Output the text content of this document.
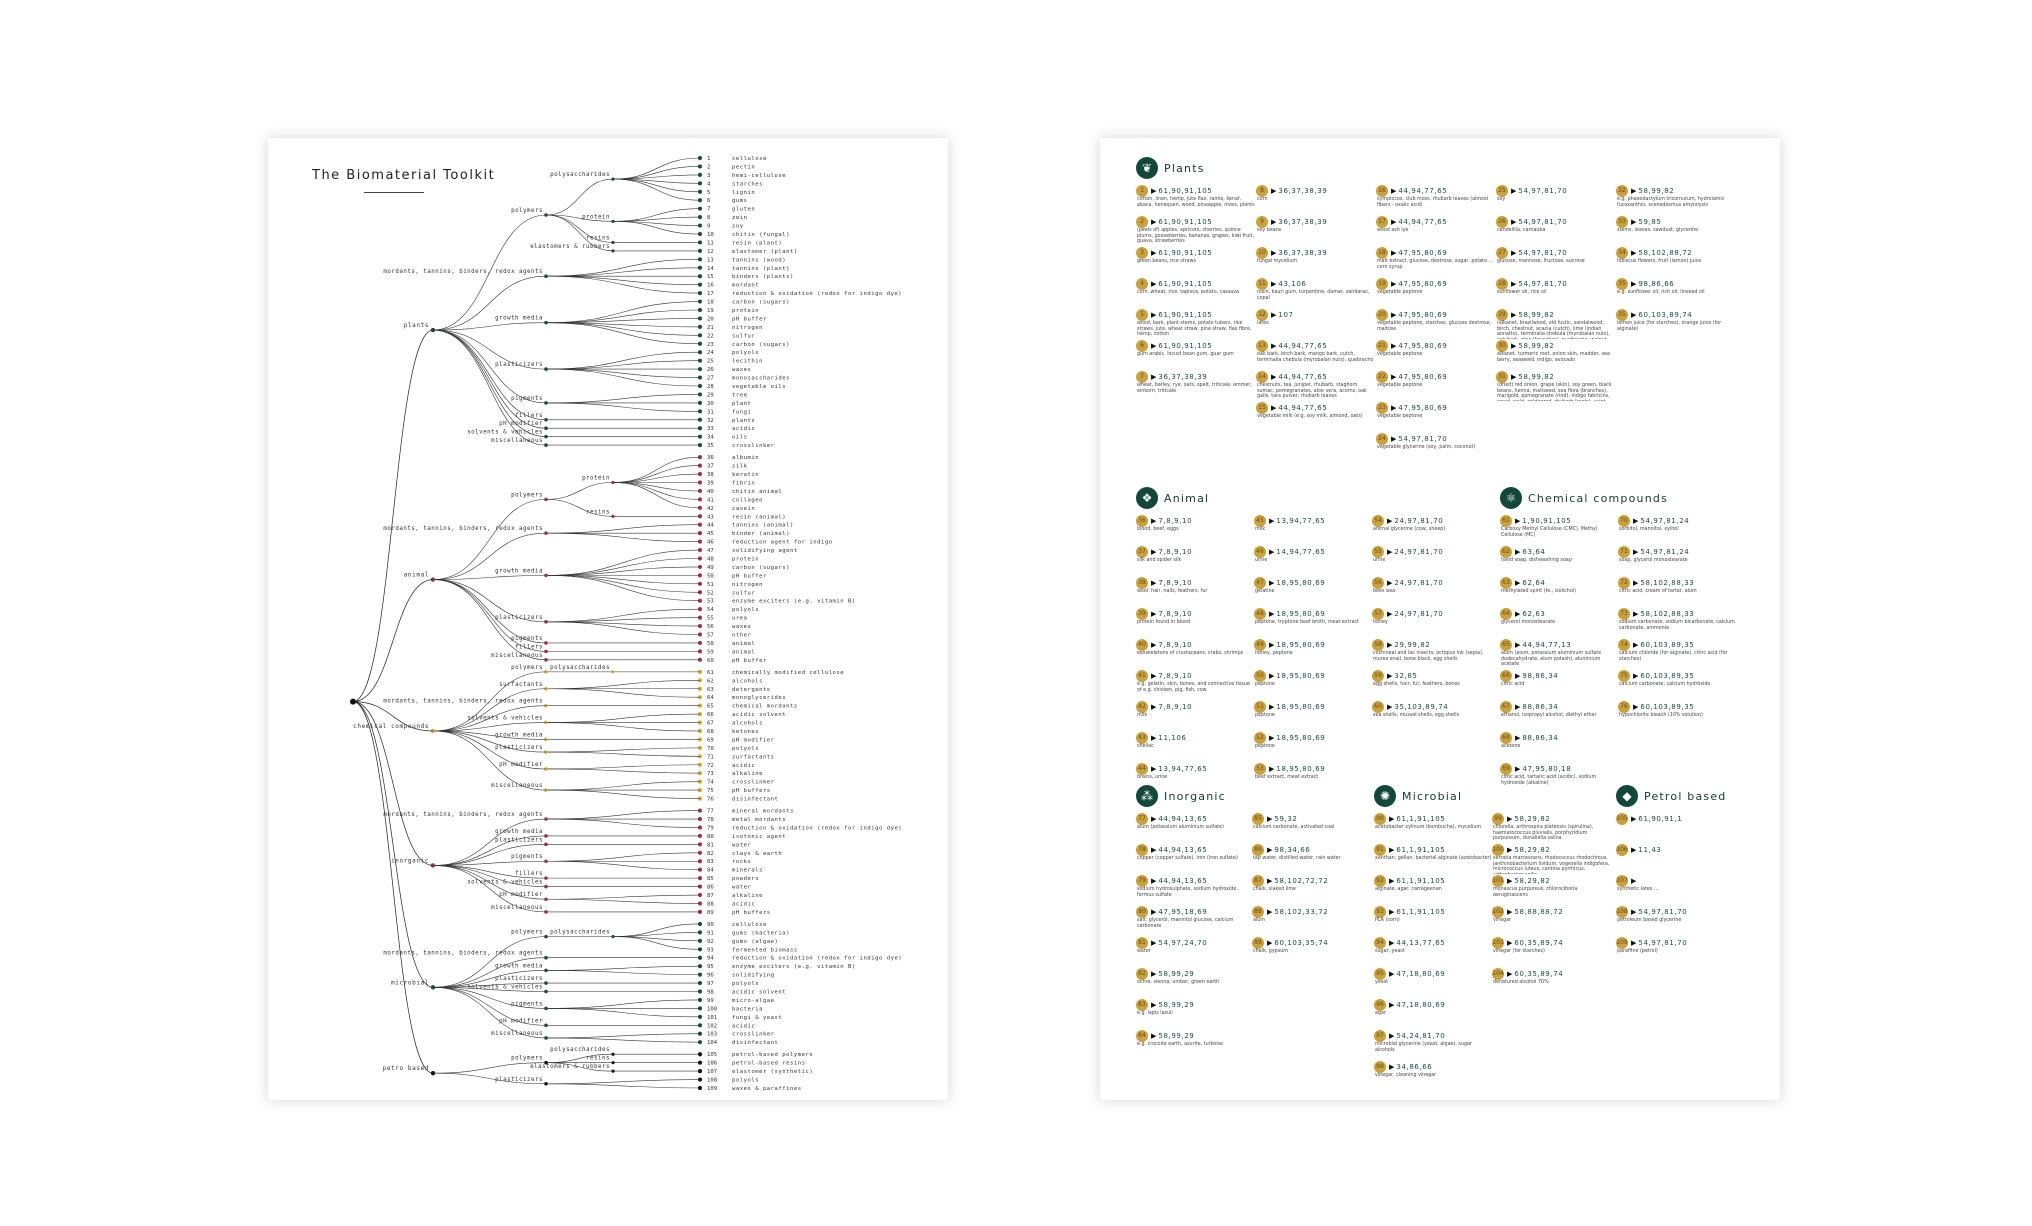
The Biomaterial Toolkit
1	cellulose
2	pectin
3	hemi-cellulose
4	starches
5	lignin
6	gums
polysaccharides
7	gluten
8	zein
9	soy
10	chitin (fungal)
protein
11	resin (plant)
resins
12	elastomer (plant)
elastomers & rubbers
polymers
13	tannins (wood)
14	tannins (plant)
15	binders (plants)
16	mordant
17	reduction & oxidation (redox for indigo dye)
mordants, tannins, binders, redox agents
18	carbon (sugars)
19	protein
20	pH buffer
21	nitrogen
22	sulfur
23	carbon (sugars)
growth media
24	polyols
25	lecithin
26	waxes
27	monosaccharides
28	vegetable oils
plasticizers
29	tree
30	plant
31	fungi
pigments
32	plants
fillers
33	acidic
pH modifier
34	oils
solvents & vehicles
35	crosslinker
miscellaneous
plants
36	albumin
37	silk
38	keratin
39	fibrin
40	chitin animal
41	collagen
42	casein
protein
43	resin (animal)
resins
polymers
44	tannins (animal)
45	binder (animal)
46	reduction agent for indigo
mordants, tannins, binders, redox agents
47	solidifying agent
48	protein
49	carbon (sugars)
50	pH buffer
51	nitrogen
52	sulfur
53	enzyme exciters (e.g. vitamin B)
growth media
54	polyols
55	urea
56	waxes
57	other
plasticizers
58	animal
pigments
59	animal
fillers
60	pH buffer
miscellaneous
animal
61	chemically modified cellulose
polysaccharides
polymers
62	alcohols
63	detergents
64	monoglycerides
surfactants
65	chemical mordants
mordants, tannins, binders, redox agents
66	acidic solvent
67	alcohols
68	ketones
solvents & vehicles
69	pH modifier
growth media
70	polyols
71	surfactants
plasticizers
72	acidic
73	alkaline
pH modifier
74	crosslinker
75	pH buffers
76	disinfectant
miscellaneous
chemical compounds
77	mineral mordants
78	metal mordants
79	reduction & oxidation (redox for indigo dye)
mordants, tannins, binders, redox agents
80	isotonic agent
growth media
81	water
plasticizers
82	clays & earth
83	rocks
84	minerals
pigments
85	powders
fillers
86	water
solvents & vehicles
87	alkaline
88	acidic
pH modifier
89	pH buffers
miscellaneous
inorganic
90	cellulose
91	gums (bacteria)
92	gums (algae)
93	fermented biomass
polysaccharides
polymers
94	reduction & oxidation (redox for indigo dye)
mordants, tannins, binders, redox agents
95	enzyme exciters (e.g. vitamin B)
96	solidifying
growth media
97	polyols
plasticizers
98	acidic solvent
solvents & vehicles
99	micro-algae
100	bacteria
101	fungi & yeast
pigments
102	acidic
pH modifier
103	crosslinker
104	disinfectant
miscellaneous
microbial
105	petrol-based polymers
polysaccharides
106	petrol-based resins
resins
107	elastomer (synthetic)
elastomers & rubbers
polymers
108	polyols
109	waxes & paraffines
plasticizers
petro based
❦	Plants
1	▶ 61,90,91,105
cotton, linen, hemp, jute flax, ramie, kenaf, abaca, henequen, wood, pineapple, moss, plants
2	▶ 61,90,91,105
(peels of) apples, apricots, cherries, quince plums, gooseberries, bananas, grapes, kiwi fruit, guava, strawberries
3	▶ 61,90,91,105
green beans, rice straws
4	▶ 61,90,91,105
corn, wheat, rice, tapioca, potato, cassava
5	▶ 61,90,91,105
wood, bark, plant stems, potato tubers, rice straws, jute, wheat straw, pine straw, flax fibre, hemp, cotton
6	▶ 61,90,91,105
gum arabic, locust bean gum, guar gum
7	▶ 36,37,38,39
wheat, barley, rye, oats, spelt, triticale, emmer, einkorn, triticale
8	▶ 36,37,38,39
corn
9	▶ 36,37,38,39
soy beans
10 ▶ 36,37,38,39
fungal mycelium
11 ▶ 43,106
rosin, kauri gum, turpentine, damar, sandarac, copal
12 ▶ 107
latex
13 ▶ 44,94,77,65
oak bark, birch bark, mango bark, cutch, terminalia chebula (myrobalan nuts), quebracho
14 ▶ 44,94,77,65
chestnuts, tea, juniper, rhubarb, staghorn sumac, pomegranates, aloe vera, acorns, oak galls, tara pulver, rhubarb leaves
15 ▶ 44,94,77,65
vegetable milk (e.g. soy milk, almond, oats)
16 ▶ 44,94,77,65
symplocos, club moss, rhubarb leaves (almost fibers - oxalic acid)
17 ▶ 44,94,77,65
wood ash lye
18 ▶ 47,95,80,69
malt extract, glucose, dextrose, sugar, potato ... corn syrup
19 ▶ 47,95,80,69
vegetable peptone
20 ▶ 47,95,80,69
vegetable peptone, starches, glucose dextrose, maltose
21 ▶ 47,95,80,69
vegetable peptone
22 ▶ 47,95,80,69
vegetable peptone
23 ▶ 47,95,80,69
vegetable peptone
24 ▶ 54,97,81,70
vegetable glycerine (soy, palm, coconut)
25 ▶ 54,97,81,70
soy
26 ▶ 54,97,81,70
candelilla, carnauba
27 ▶ 54,97,81,70
glucose, mannose, fructose, sucrose
28 ▶ 54,97,81,70
sunflower oil, rice oil
29 ▶ 58,99,82
(alkanet, brazilwood, old fustic, sandalwood, birch, chestnut, acacia (cutch), lime (indian annatto), terminalia chebula (myrobalan nuts),
30 ▶ 58,99,82
alkanet, turmeric root, onion skin, madder, sea berry, seaweed, indigo, avocado
31 ▶ 58,99,82
(dried) red onion, grape (skin), soy green, black beans, henna, maltseed, sea flora (branches), marigold, pomegranate (rind), indigo fabricins,
32 ▶ 58,99,82
e.g. phaeodactylum tricornutum, hydrolamic fucoxanthin, scenedesmus amylolysis
33 ▶ 59,85
stems, leaves, sawdust, glycerine
34 ▶ 58,102,88,72
hibiscus flowers, fruit (lemon) juice
35 ▶ 98,86,66
e.g. sunflower oil, rich oil, linseed oil
35 ▶ 60,103,89,74
lemon juice (for starches), orange juice (for alginate)
❖	Animal
36 ▶ 7,8,9,10
blood, beef, eggs
37 ▶ 7,8,9,10
silk and spider silk
38 ▶ 7,8,9,10
wool, hair, nails, feathers, fur
39 ▶ 7,8,9,10
protein found in blood
40 ▶ 7,8,9,10
exoskeletons of crustaceans, crabs, shrimps
41 ▶ 7,8,9,10
e.g. gelatin, skin, bones, and connective tissue of e.g. chicken, pig, fish, cow
42 ▶ 7,8,9,10
milk
43 ▶ 11,106
shellac
44 ▶ 13,94,77,65
brains, urine
45 ▶ 13,94,77,65
milk
46 ▶ 14,94,77,65
urine
47 ▶ 18,95,80,69
gelatine
48 ▶ 18,95,80,69
peptone, tryptone beef broth, meat extract
49 ▶ 18,95,80,69
honey, peptone
50 ▶ 18,95,80,69
peptone
51 ▶ 18,95,80,69
peptone
52 ▶ 18,95,80,69
peptone
53 ▶ 18,95,80,69
beef extract, meat extract
54 ▶ 24,97,81,70
animal glycerine (cow, sheep)
55 ▶ 24,97,81,70
urine
56 ▶ 24,97,81,70
bees wax
57 ▶ 24,97,81,70
honey
58 ▶ 29,99,82
cochineal and lac insects, octopus ink (sepia), murex snail, bone black, egg shells
59 ▶ 32,85
egg shells, hair, fur, feathers, bones
60 ▶ 35,103,89,74
sea shells, mussel shells, egg shells
⚛	Chemical compounds
61 ▶ 1,90,91,105
Carboxy Methyl Cellulose (CMC), Methyl Cellulose (MC)
62 ▶ 63,64
hand soap, dishwashing soap
63 ▶ 62,64
methylated spirit (fe., isolichol)
64 ▶ 62,63
glycerol monostearate
65 ▶ 44,94,77,13
alum (alum, potassium aluminium sulfate dodecahydrate, alum potash), aluminium acetate
66 ▶ 98,86,34
citric acid
67 ▶ 88,86,34
ethanol, isopropyl alcohol, diethyl ether
68 ▶ 88,86,34
acetone
69 ▶ 47,95,80,18
citric acid, tartaric acid (acidic), sodium hydroxide (alkaline)
70 ▶ 54,97,81,24
sorbitol, mannitol, xylitol
71 ▶ 54,97,81,24
soap, glycerol monostearate
72 ▶ 58,102,88,33
citric acid, cream of tartar, alum
73 ▶ 58,102,88,33
sodium carbonate, sodium bicarbonate, calcium carbonate, ammonia
74 ▶ 60,103,89,35
calcium chloride (for alginate), citric acid (for starches)
75 ▶ 60,103,89,35
calcium carbonate, calcium hydroxide
76 ▶ 60,103,89,35
hypochlorite bleach (10% solution)
⁂	Inorganic
77 ▶ 44,94,13,65
alum (potassium aluminium sulfate)
78 ▶ 44,94,13,65
copper (copper sulfate), iron (iron sulfate)
79 ▶ 44,94,13,65
sodium hydrosulphate, sodium hydroxide, ferrous sulfate
80 ▶ 47,95,18,69
salt, glycerol, mannitol glucose, calcium carbonate
81 ▶ 54,97,24,70
water
82 ▶ 58,99,29
ochre, sienna, umber, green earth
83 ▶ 58,99,29
e.g. lapis lazuli
84 ▶ 58,99,29
e.g. crocoite earth, azurite, turkoise
85 ▶ 59,32
calcium carbonate, activated coal
86 ▶ 98,34,66
tap water, distilled water, rain water
87 ▶ 58,102,72,72
chalk, slaked lime
88 ▶ 58,102,33,72
alum
89 ▶ 60,103,35,74
chalk, gypsum
✺	Microbial
90 ▶ 61,1,91,105
acetobacter xylinum (kombucha), mycelium
91 ▶ 61,1,91,105
xanthan, gellan, bacterial alginate (azotobacter)
92 ▶ 61,1,91,105
alginate, agar, carrageenan
93 ▶ 61,1,91,105
PLA (corn)
94 ▶ 44,13,77,65
sugar, yeast
95 ▶ 47,18,80,69
yeast
96 ▶ 47,18,80,69
agar
97 ▶ 54,24,81,70
microbial glycerine (yeast, algae), sugar alcohols
98 ▶ 34,86,66
vinegar, cleaning vinegar
99 ▶ 58,29,82
chlorella, arthrospira platensis (spirulina), haematococcus pluvialis, porphyridium purpureum, dunaliella salina
100 ▶ 58,29,82
serratia marcescens, rhodococcus rhodochrous, janthinobacterium lividum, vogesella indigofera, micrococcus luteus, cantina pyrrhicus,
101 ▶ 58,29,82
monascus purpureus, chlorociboria aeruginascens
102 ▶ 58,88,88,72
vinegar
103 ▶ 60,35,89,74
vinegar (for starches)
104 ▶ 60,35,89,74
denatured alcohol 70%
◆	Petrol based
105 ▶ 61,90,91,1
106 ▶ 11,43
107 ▶
synthetic latex ...
108 ▶ 54,97,81,70
petroleum based glycerine
109 ▶ 54,97,81,70
paraffine (petrol)
